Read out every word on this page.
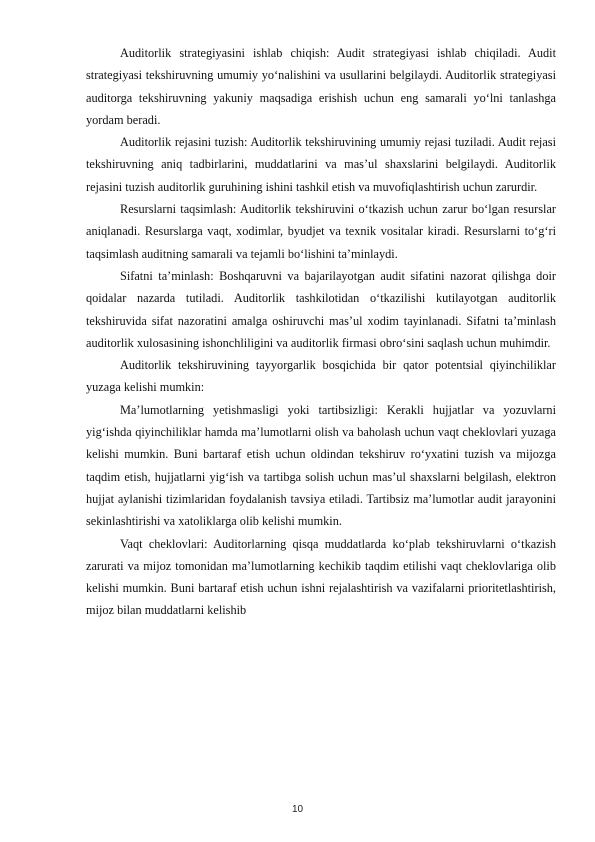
Auditorlik strategiyasini ishlab chiqish: Audit strategiyasi ishlab chiqiladi. Audit strategiyasi tekshiruvning umumiy yo‘nalishini va usullarini belgilaydi. Auditorlik strategiyasi auditorga tekshiruvning yakuniy maqsadiga erishish uchun eng samarali yo‘lni tanlashga yordam beradi.

Auditorlik rejasini tuzish: Auditorlik tekshiruvining umumiy rejasi tuziladi. Audit rejasi tekshiruvning aniq tadbirlarini, muddatlarini va mas’ul shaxslarini belgilaydi. Auditorlik rejasini tuzish auditorlik guruhining ishini tashkil etish va muvofiqlashtirish uchun zarurdir.

Resurslarni taqsimlash: Auditorlik tekshiruvini o‘tkazish uchun zarur bo‘lgan resurslar aniqlanadi. Resurslarga vaqt, xodimlar, byudjet va texnik vositalar kiradi. Resurslarni to‘g‘ri taqsimlash auditning samarali va tejamli bo‘lishini ta’minlaydi.

Sifatni ta’minlash: Boshqaruvni va bajarilayotgan audit sifatini nazorat qilishga doir qoidalar nazarda tutiladi. Auditorlik tashkilotidan o‘tkazilishi kutilayotgan auditorlik tekshiruvida sifat nazoratini amalga oshiruvchi mas’ul xodim tayinlanadi. Sifatni ta’minlash auditorlik xulosasining ishonchliligini va auditorlik firmasi obro‘sini saqlash uchun muhimdir.

Auditorlik tekshiruvining tayyorgarlik bosqichida bir qator potentsial qiyinchiliklar yuzaga kelishi mumkin:

Ma’lumotlarning yetishmasligi yoki tartibsizligi: Kerakli hujjatlar va yozuvlarni yig‘ishda qiyinchiliklar hamda ma’lumotlarni olish va baholash uchun vaqt cheklovlari yuzaga kelishi mumkin. Buni bartaraf etish uchun oldindan tekshiruv ro‘yxatini tuzish va mijozga taqdim etish, hujjatlarni yig‘ish va tartibga solish uchun mas’ul shaxslarni belgilash, elektron hujjat aylanishi tizimlaridan foydalanish tavsiya etiladi. Tartibsiz ma’lumotlar audit jarayonini sekinlashtirishi va xatoliklarga olib kelishi mumkin.

Vaqt cheklovlari: Auditorlarning qisqa muddatlarda ko‘plab tekshiruvlarni o‘tkazish zarurati va mijoz tomonidan ma’lumotlarning kechikib taqdim etilishi vaqt cheklovlariga olib kelishi mumkin. Buni bartaraf etish uchun ishni rejalashtirish va vazifalarni prioritetlashtirish, mijoz bilan muddatlarni kelishib

10
